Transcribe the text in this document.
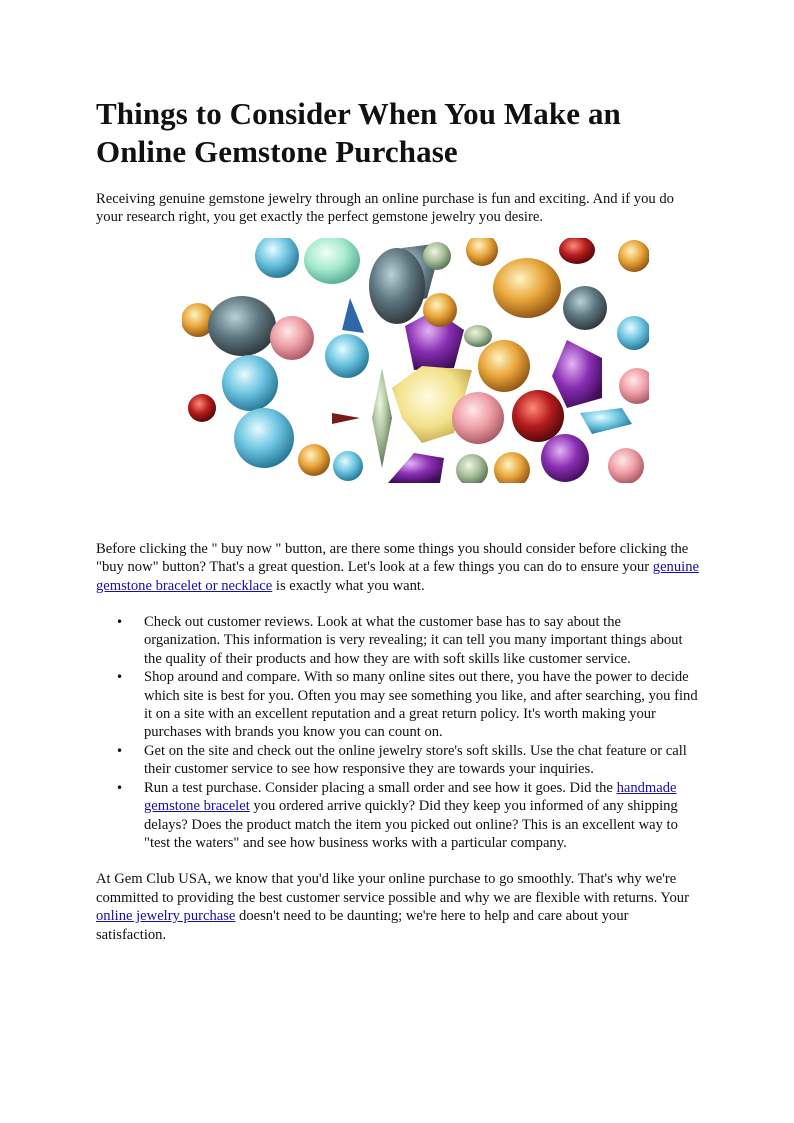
Things to Consider When You Make an Online Gemstone Purchase

Receiving genuine gemstone jewelry through an online purchase is fun and exciting. And if you do your research right, you get exactly the perfect gemstone jewelry you desire.

Before clicking the " buy now " button, are there some things you should consider before clicking the "buy now" button? That's a great question. Let's look at a few things you can do to ensure your genuine gemstone bracelet or necklace is exactly what you want.

• Check out customer reviews. Look at what the customer base has to say about the organization. This information is very revealing; it can tell you many important things about the quality of their products and how they are with soft skills like customer service.
• Shop around and compare. With so many online sites out there, you have the power to decide which site is best for you. Often you may see something you like, and after searching, you find it on a site with an excellent reputation and a great return policy. It's worth making your purchases with brands you know you can count on.
• Get on the site and check out the online jewelry store's soft skills. Use the chat feature or call their customer service to see how responsive they are towards your inquiries.
• Run a test purchase. Consider placing a small order and see how it goes. Did the handmade gemstone bracelet you ordered arrive quickly? Did they keep you informed of any shipping delays? Does the product match the item you picked out online? This is an excellent way to "test the waters" and see how business works with a particular company.

At Gem Club USA, we know that you'd like your online purchase to go smoothly. That's why we're committed to providing the best customer service possible and why we are flexible with returns. Your online jewelry purchase doesn't need to be daunting; we're here to help and care about your satisfaction.
